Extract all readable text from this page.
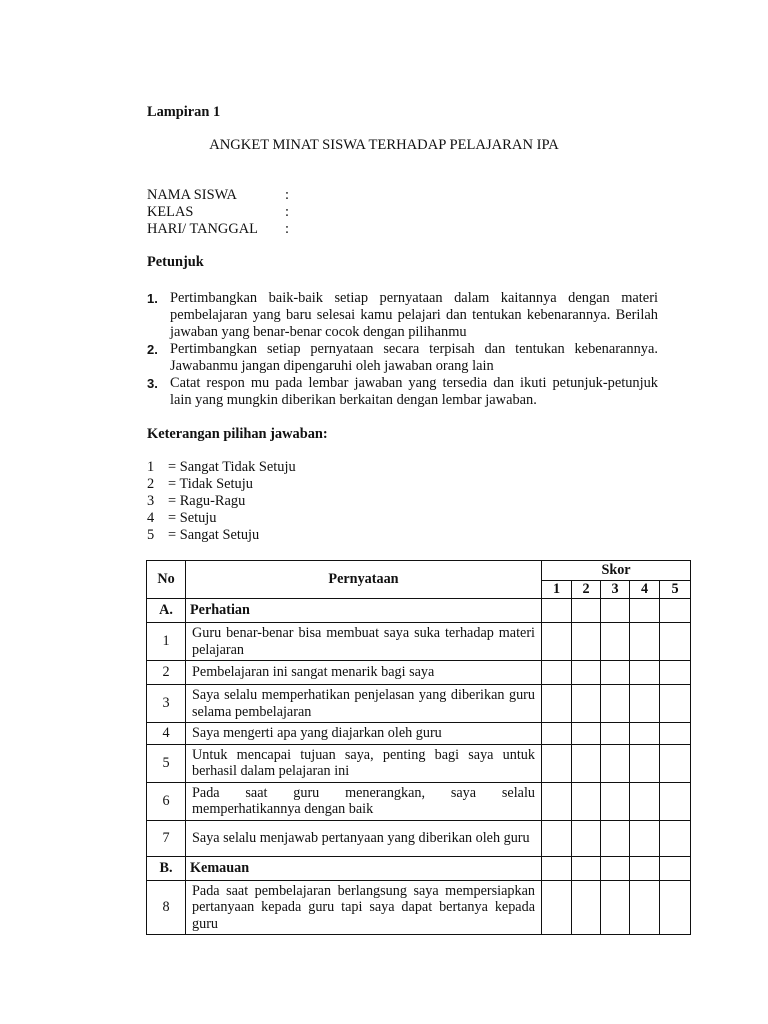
Lampiran 1
ANGKET MINAT SISWA TERHADAP PELAJARAN IPA
NAMA SISWA	:
KELAS	:
HARI/ TANGGAL :
Petunjuk
1. Pertimbangkan baik-baik setiap pernyataan dalam kaitannya dengan materi pembelajaran yang baru selesai kamu pelajari dan tentukan kebenarannya. Berilah jawaban yang benar-benar cocok dengan pilihanmu
2. Pertimbangkan setiap pernyataan secara terpisah dan tentukan kebenarannya. Jawabanmu jangan dipengaruhi oleh jawaban orang lain
3. Catat respon mu pada lembar jawaban yang tersedia dan ikuti petunjuk-petunjuk lain yang mungkin diberikan berkaitan dengan lembar jawaban.
Keterangan pilihan jawaban:
1 = Sangat Tidak Setuju
2 = Tidak Setuju
3 = Ragu-Ragu
4 = Setuju
5 = Sangat Setuju
No	Pernyataan	Skor				
		1	2	3	4	5
A.	Perhatian					
1	Guru benar-benar bisa membuat saya suka terhadap materi pelajaran					
2	Pembelajaran ini sangat menarik bagi saya					
3	Saya selalu memperhatikan penjelasan yang diberikan guru selama pembelajaran					
4	Saya mengerti apa yang diajarkan oleh guru					
5	Untuk mencapai tujuan saya, penting bagi saya untuk berhasil dalam pelajaran ini					
6	Pada saat guru menerangkan, saya selalu memperhatikannya dengan baik					
7	Saya selalu menjawab pertanyaan yang diberikan oleh guru					
B.	Kemauan					
8	Pada saat pembelajaran berlangsung saya mempersiapkan pertanyaan kepada guru tapi saya dapat bertanya kepada guru					
